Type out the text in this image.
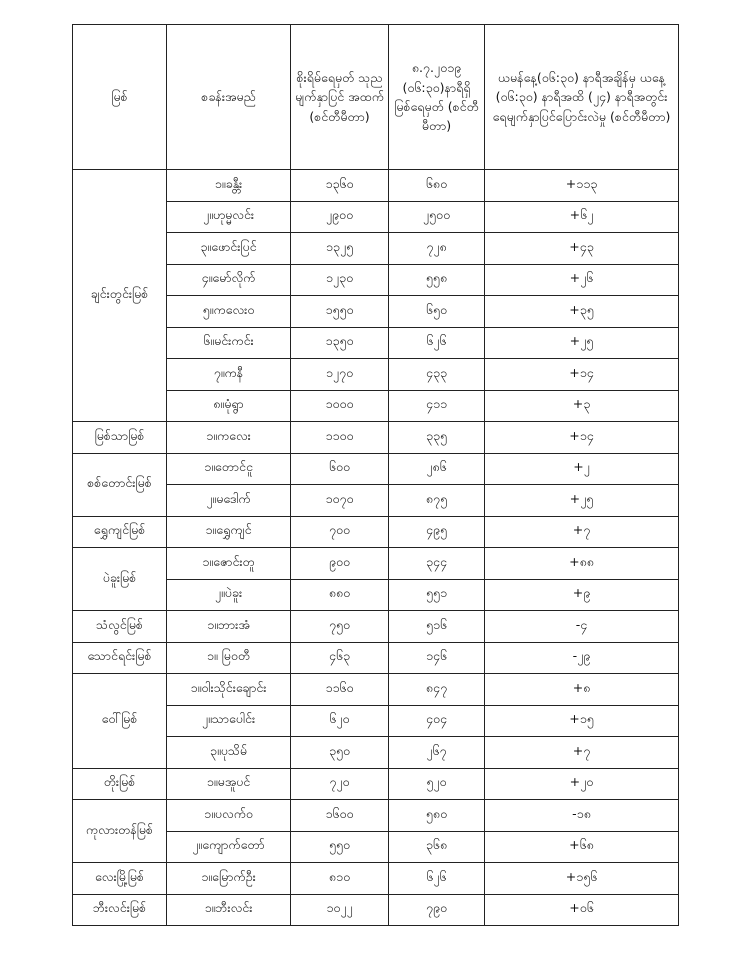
မြစ်	စခန်းအမည်	စိုးရိမ်ရေမှတ် သုညမျက်နှာပြင် အထက် (စင်တီမီတာ)	၈.၇.၂၀၁၉ (၀၆:၃၀)နာရီရှိ မြစ်ရေမှတ် (စင်တီမီတာ)	ယမန်နေ့(၀၆:၃၀) နာရီအချိန်မှ ယနေ့ (၀၆:၃၀) နာရီအထိ (၂၄) နာရီအတွင်း ရေမျက်နှာပြင်ပြောင်းလဲမှု (စင်တီမီတာ)
ချင်းတွင်းမြစ်	၁။ခန္တီး	၁၃၆၀	၆၈၀	+၁၁၃
	၂။ဟုမ္မလင်း	၂၉၀၀	၂၅၀၀	+၆၂
	၃။ဖောင်းပြင်	၁၃၂၅	၇၂၈	+၄၃
	၄။မော်လိုက်	၁၂၃၀	၅၅၈	+၂၆
	၅။ကလေးဝ	၁၅၅၀	၆၅၀	+၃၅
	၆။မင်းကင်း	၁၃၅၀	၆၂၆	+၂၅
	၇။ကနီ	၁၂၇၀	၄၃၃	+၁၄
	၈။မုံရွာ	၁၀၀၀	၄၁၁	+၃
မြစ်သာမြစ်	၁။ကလေး	၁၁၀၀	၃၃၅	+၁၄
စစ်တောင်းမြစ်	၁။တောင်ငူ	၆၀၀	၂၈၆	+၂
	၂။မဒေါက်	၁၀၇၀	၈၇၅	+၂၅
ရွှေကျင်မြစ်	၁။ရွှေကျင်	၇၀၀	၄၉၅	+၇
ပဲခူးမြစ်	၁။ဇောင်းတူ	၉၀၀	၃၄၄	+၈၈
	၂။ပဲခူး	၈၈၀	၅၅၁	+၉
သံလွင်မြစ်	၁။ဘားအံ	၇၅၀	၅၁၆	-၄
သောင်ရင်းမြစ်	၁။ မြဝတီ	၄၆၃	၁၄၆	-၂၉
ဝေါ်မြစ်	၁။ဝါးသိုင်းချောင်း	၁၁၆၀	၈၄၇	+၈
	၂။သာပေါင်း	၆၂၀	၄၀၄	+၁၅
	၃။ပုသိမ်	၃၅၀	၂၆၇	+၇
တိုးမြစ်	၁။မအူပင်	၇၂၀	၅၂၀	+၂၀
ကုလားတန်မြစ်	၁။ပလက်ဝ	၁၆၀၀	၅၈၀	-၁၈
	၂။ကျောက်တော်	၅၅၀	၃၆၈	+၆၈
လေးမြို့မြစ်	၁။မြောက်ဦး	၈၁၀	၆၂၆	+၁၅၆
ဘီးလင်းမြစ်	၁။ဘီးလင်း	၁၀၂၂	၇၉၀	+၀၆
